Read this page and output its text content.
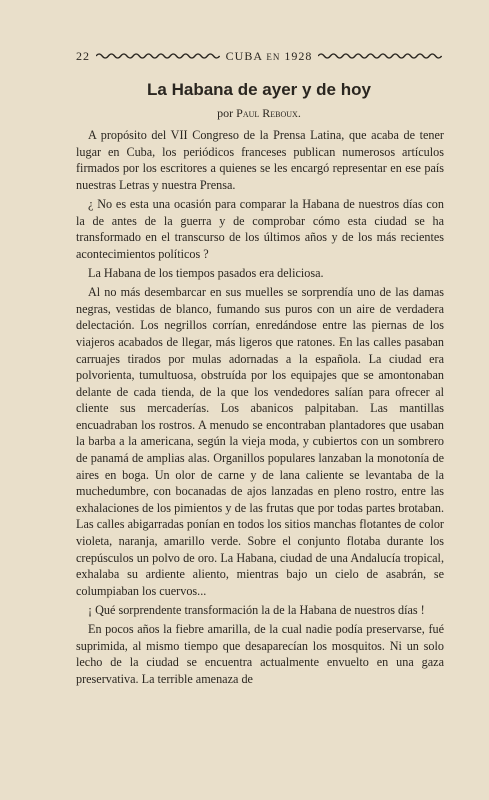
22	CUBA EN 1928
La Habana de ayer y de hoy

por Paul Reboux.

A propósito del VII Congreso de la Prensa Latina, que acaba de tener lugar en Cuba, los periódicos franceses publican numerosos artículos firmados por los escritores a quienes se les encargó representar en ese país nuestras Letras y nuestra Prensa.

¿ No es esta una ocasión para comparar la Habana de nuestros días con la de antes de la guerra y de comprobar cómo esta ciudad se ha transformado en el transcurso de los últimos años y de los más recientes acontecimientos políticos ?

La Habana de los tiempos pasados era deliciosa.

Al no más desembarcar en sus muelles se sorprendía uno de las damas negras, vestidas de blanco, fumando sus puros con un aire de verdadera delectación. Los negrillos corrían, enredándose entre las piernas de los viajeros acabados de llegar, más ligeros que ratones. En las calles pasaban carruajes tirados por mulas adornadas a la española. La ciudad era polvorienta, tumultuosa, obstruída por los equipajes que se amontonaban delante de cada tienda, de la que los vendedores salían para ofrecer al cliente sus mercaderías. Los abanicos palpitaban. Las mantillas encuadraban los rostros. A menudo se encontraban plantadores que usaban la barba a la americana, según la vieja moda, y cubiertos con un sombrero de panamá de amplias alas. Organillos populares lanzaban la monotonía de aires en boga. Un olor de carne y de lana caliente se levantaba de la muchedumbre, con bocanadas de ajos lanzadas en pleno rostro, entre las exhalaciones de los pimientos y de las frutas que por todas partes brotaban. Las calles abigarradas ponían en todos los sitios manchas flotantes de color violeta, naranja, amarillo verde. Sobre el conjunto flotaba durante los crepúsculos un polvo de oro. La Habana, ciudad de una Andalucía tropical, exhalaba su ardiente aliento, mientras bajo un cielo de asabrán, se columpiaban los cuervos...

¡ Qué sorprendente transformación la de la Habana de nuestros días !

En pocos años la fiebre amarilla, de la cual nadie podía preservarse, fué suprimida, al mismo tiempo que desaparecían los mosquitos. Ni un solo lecho de la ciudad se encuentra actualmente envuelto en una gaza preservativa. La terrible amenaza de
